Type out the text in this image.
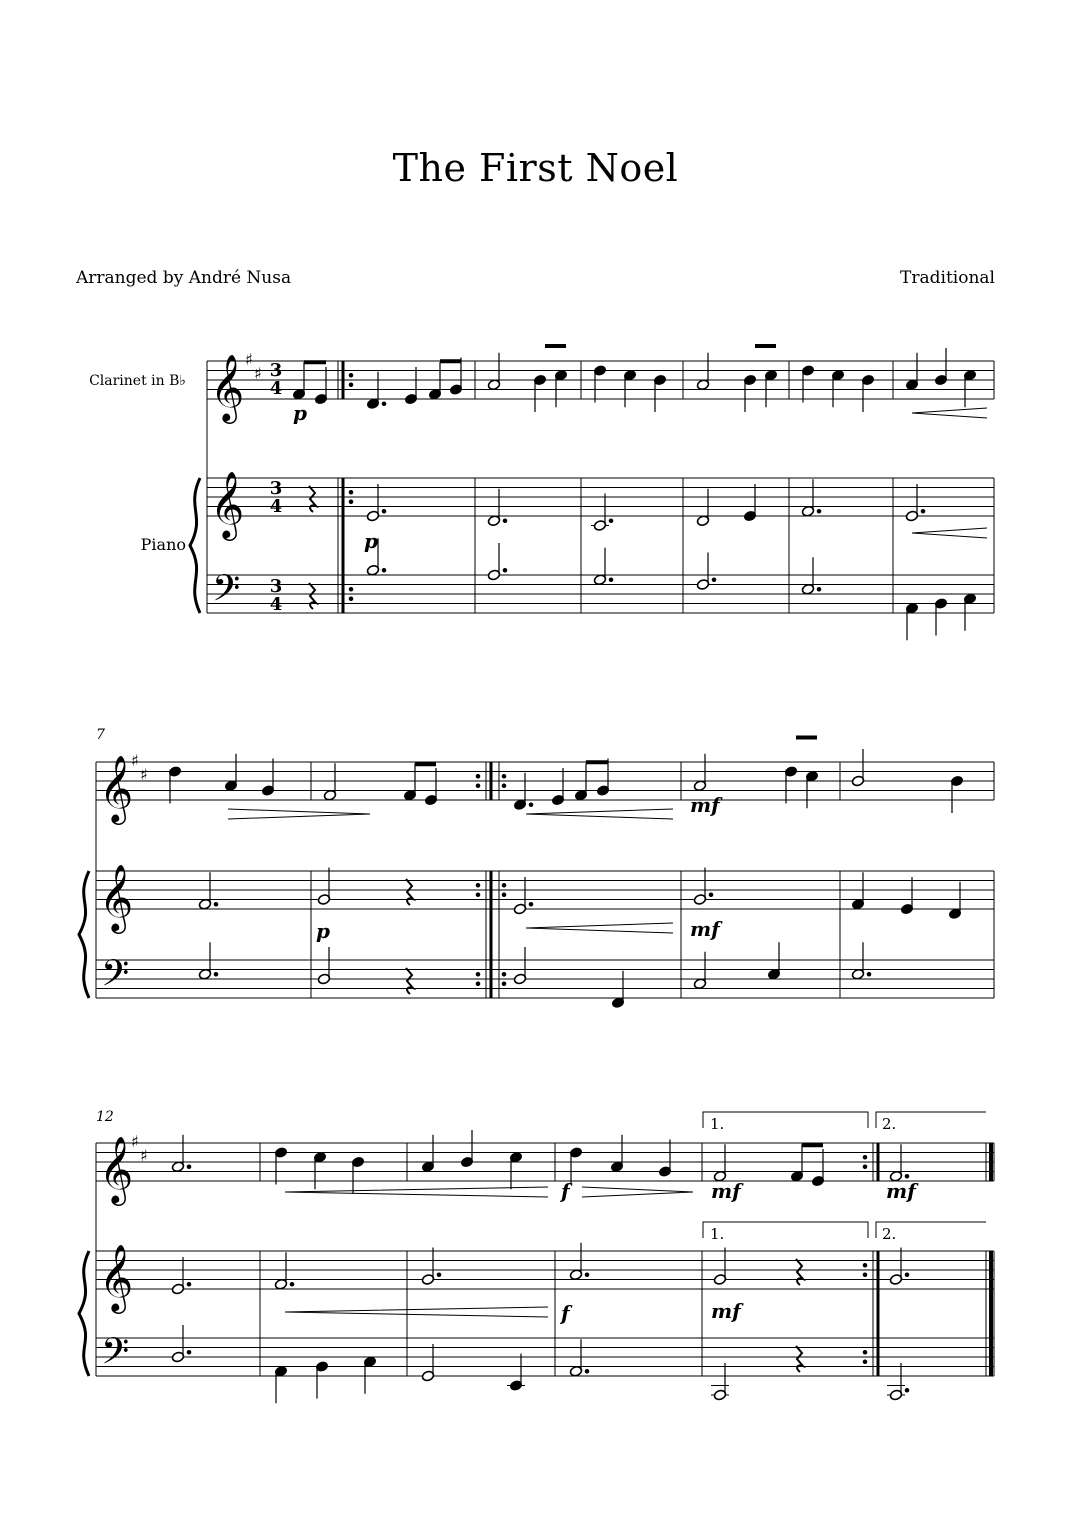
The First Noel
Arranged by André Nusa	Traditional
𝄞 ♯
♯
𝄞
𝄢
𝄞
♯
♯
𝄞
𝄢
𝄞
♯
♯
𝄞
𝄢
Clarinet in B♭
Piano
7
12
3
4
3
4
3
4
p
p
mf
p	mf
f	mf	mf
f	mf
1.	2.
1.	2.
